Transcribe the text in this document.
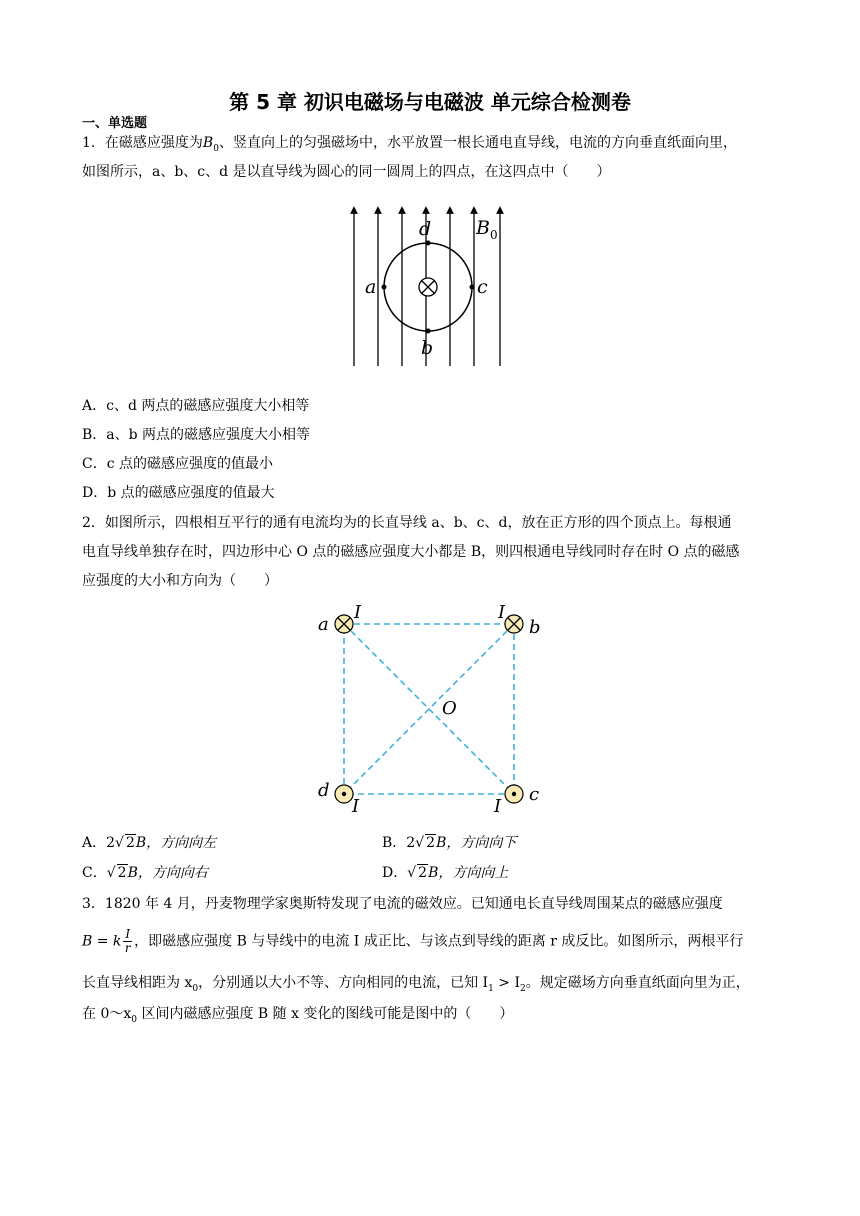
第 5 章 初识电磁场与电磁波 单元综合检测卷
一、单选题
1．在磁感应强度为$B_0$、竖直向上的匀强磁场中，水平放置一根长通电直导线，电流的方向垂直纸面向里，
如图所示，a、b、c、d 是以直导线为圆心的同一圆周上的四点，在这四点中（　　）
d
a	c
b
$B_0$
A．c、d 两点的磁感应强度大小相等
B．a、b 两点的磁感应强度大小相等
C．c 点的磁感应强度的值最小
D．b 点的磁感应强度的值最大
2．如图所示，四根相互平行的通有电流均为的长直导线 a、b、c、d，放在正方形的四个顶点上。每根通
电直导线单独存在时，四边形中心 O 点的磁感应强度大小都是 B，则四根通电导线同时存在时 O 点的磁感
应强度的大小和方向为（　　）
a
I	I
b
O
d
I	I
c
A．2√ 2B，方向向左	B．2√ 2B，方向向下
C．√ 2B，方向向右	D．√ 2B，方向向上
3．1820 年 4 月，丹麦物理学家奥斯特发现了电流的磁效应。已知通电长直导线周围某点的磁感应强度
B = k $\frac{I}{r}$ ，即磁感应强度 B 与导线中的电流 I 成正比、与该点到导线的距离 r 成反比。如图所示，两根平行
长直导线相距为 $x_0$，分别通以大小不等、方向相同的电流，已知 $I_1 > I_2$。规定磁场方向垂直纸面向里为正，
在 $0\sim x_0$ 区间内磁感应强度 B 随 x 变化的图线可能是图中的（　　）
